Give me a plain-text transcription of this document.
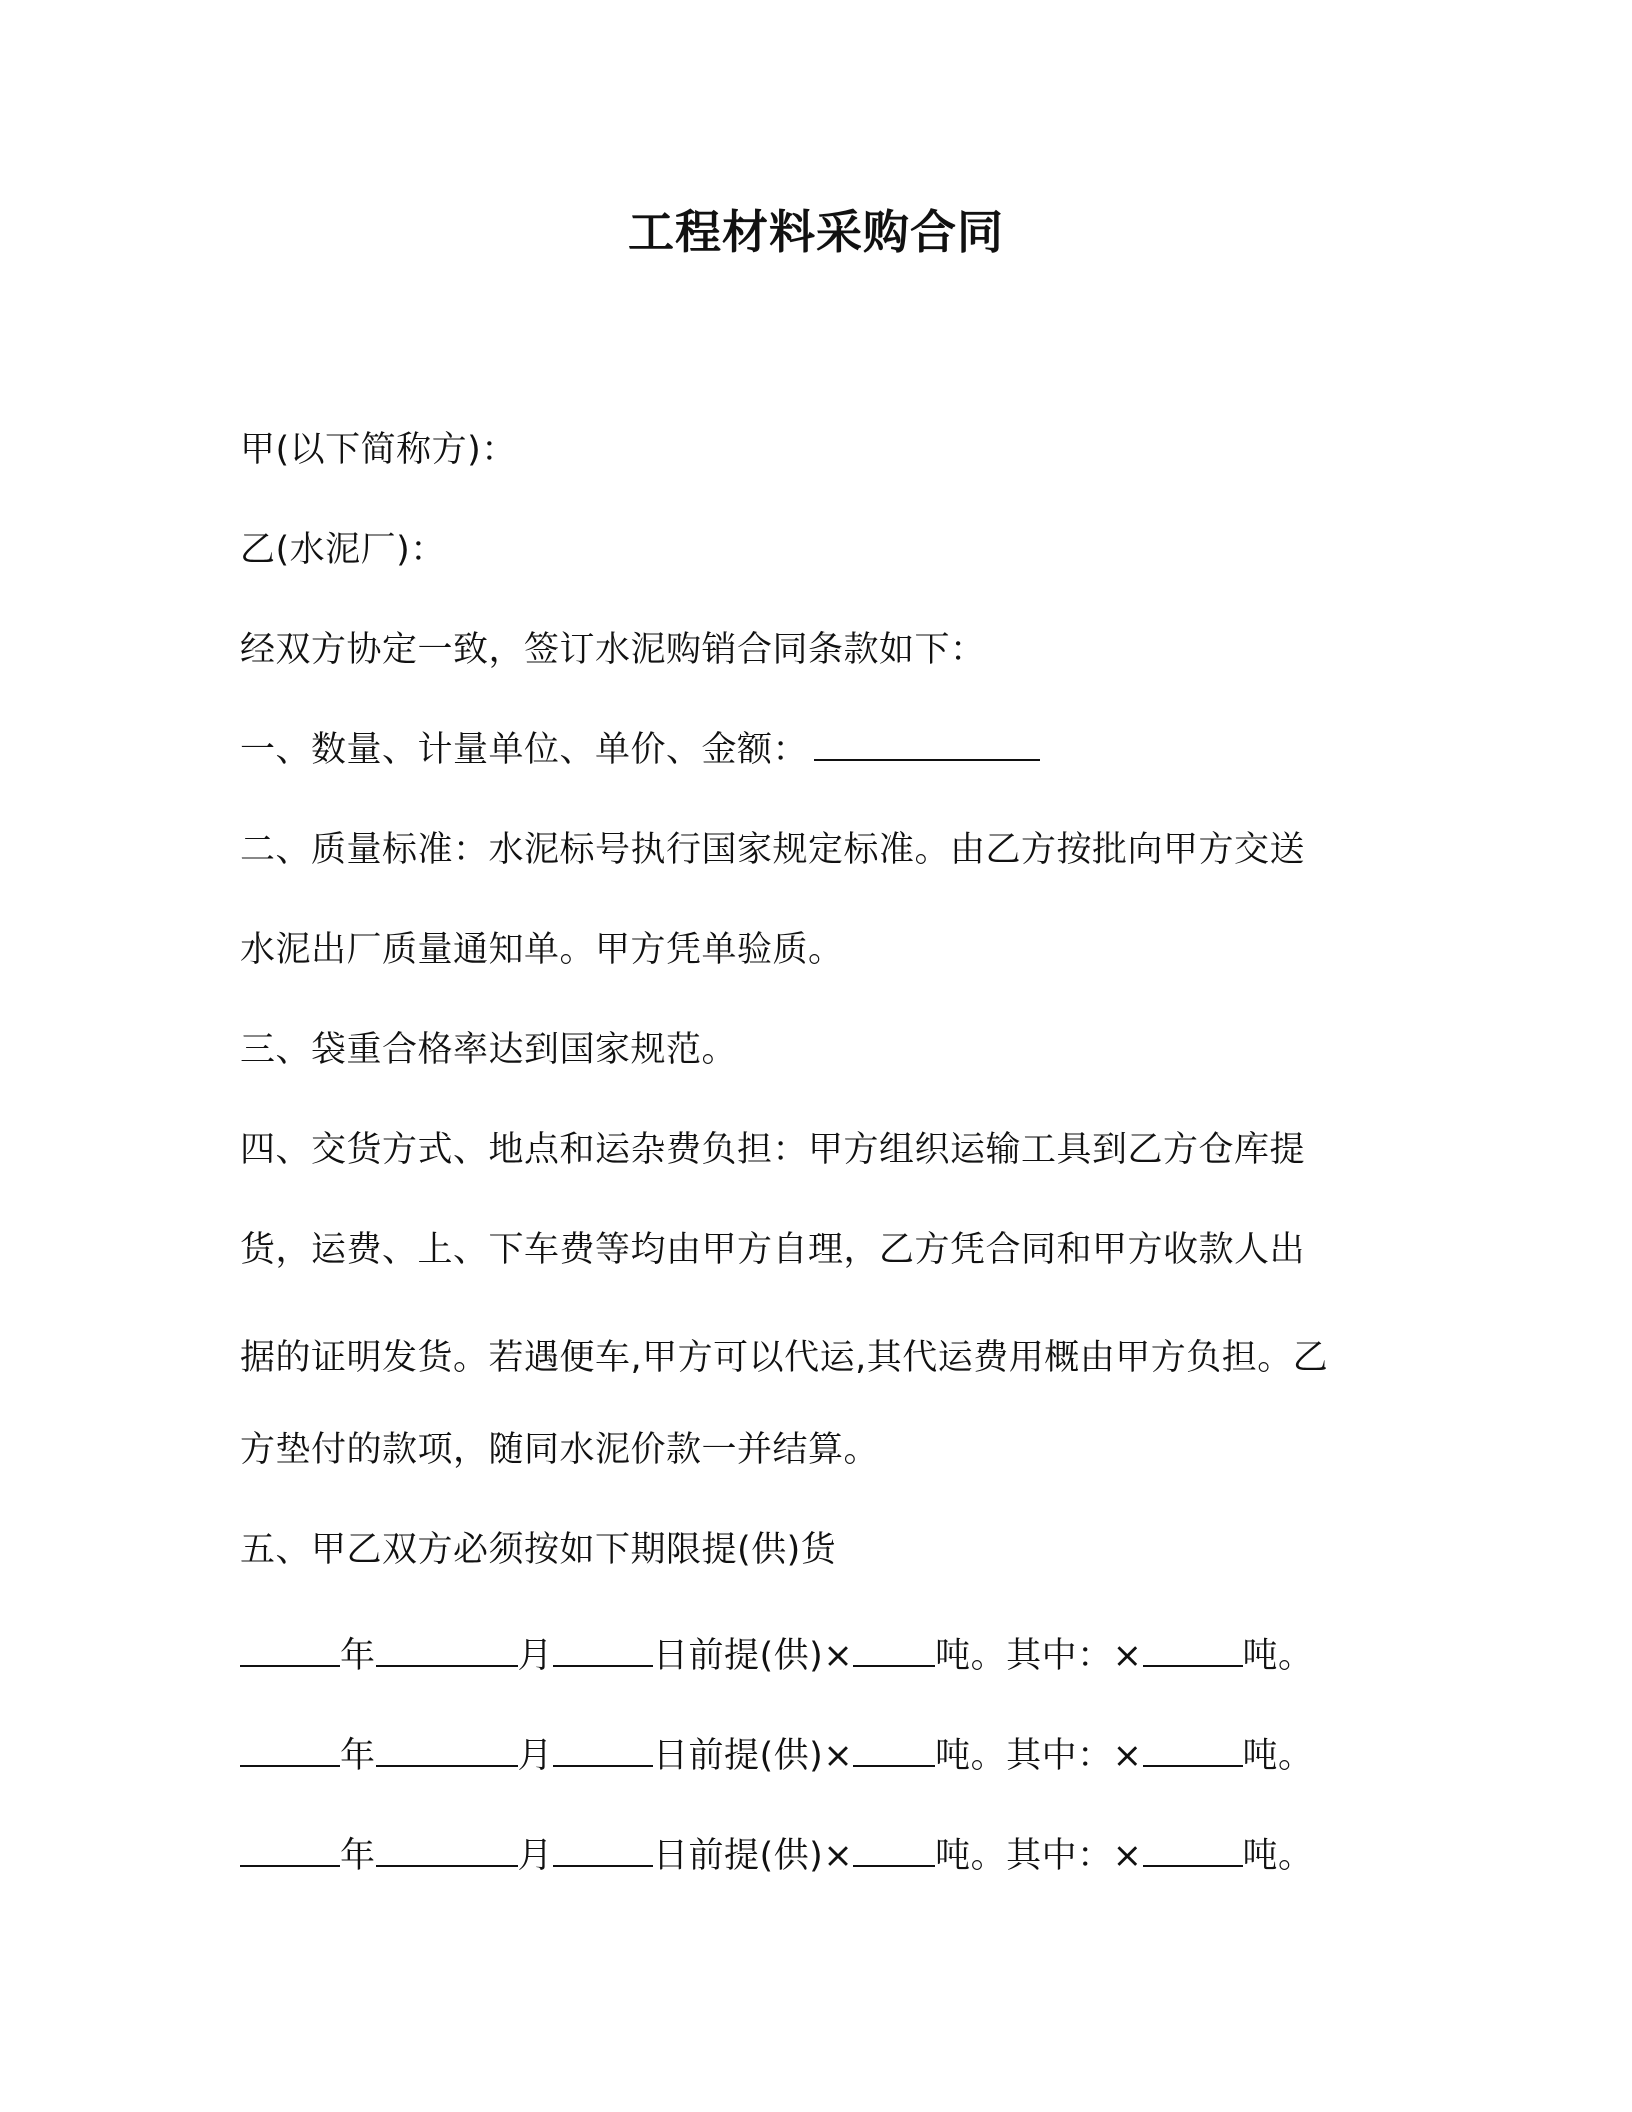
工程材料采购合同
甲(以下简称方)：
乙(水泥厂)：
经双方协定一致，签订水泥购销合同条款如下：
一、数量、计量单位、单价、金额：
二、质量标准：水泥标号执行国家规定标准。由乙方按批向甲方交送
水泥出厂质量通知单。甲方凭单验质。
三、袋重合格率达到国家规范。
四、交货方式、地点和运杂费负担：甲方组织运输工具到乙方仓库提
货，运费、上、下车费等均由甲方自理，乙方凭合同和甲方收款人出
据的证明发货。若遇便车,甲方可以代运,其代运费用概由甲方负担。乙
方垫付的款项，随同水泥价款一并结算。
五、甲乙双方必须按如下期限提(供)货
年	月	日前提(供)× 吨。其中：×	吨。
年	月	日前提(供)× 吨。其中：×	吨。
年	月	日前提(供)× 吨。其中：×	吨。
